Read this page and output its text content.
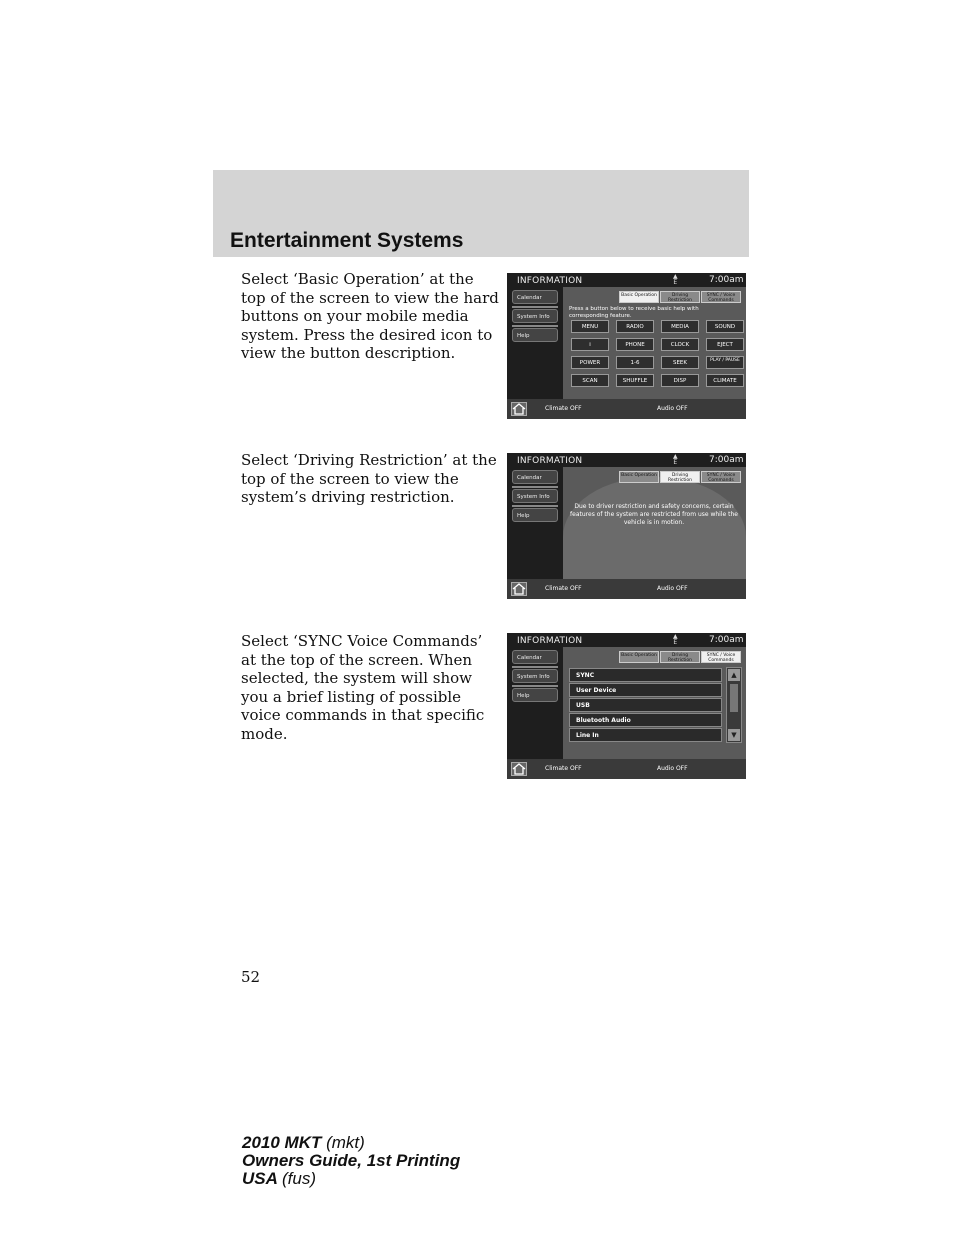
Entertainment Systems

Select ‘Basic Operation’ at the top of the screen to view the hard buttons on your mobile media system. Press the desired icon to view the button description.

Select ‘Driving Restriction’ at the top of the screen to view the system’s driving restriction.

Select ‘SYNC Voice Commands’ at the top of the screen. When selected, the system will show you a brief listing of possible voice commands in that specific mode.

INFORMATION	▲
E	7:00am
Calendar
System Info
Help
Basic Operation	Driving Restriction
SYNC / Voice Commands
Press a button below to receive basic help with corresponding feature.
MENU	RADIO	MEDIA	SOUND
i	PHONE	CLOCK	EJECT
POWER	1-6	SEEK	PLAY / PAUSE
SCAN	SHUFFLE	DISP	CLIMATE
Climate OFF	Audio OFF
INFORMATION	▲
E	7:00am
Calendar
System Info
Help
Basic Operation	Driving Restriction
SYNC / Voice Commands
Due to driver restriction and safety concerns, certain features of the system are restricted from use while the vehicle is in motion.
Climate OFF	Audio OFF
INFORMATION	▲
E	7:00am
Calendar
System Info
Help
Basic Operation	Driving Restriction
SYNC / Voice Commands
SYNC
User Device
USB
Bluetooth Audio
Line In
▲
▼
Climate OFF	Audio OFF

52

2010 MKT (mkt)
Owners Guide, 1st Printing
USA (fus)
